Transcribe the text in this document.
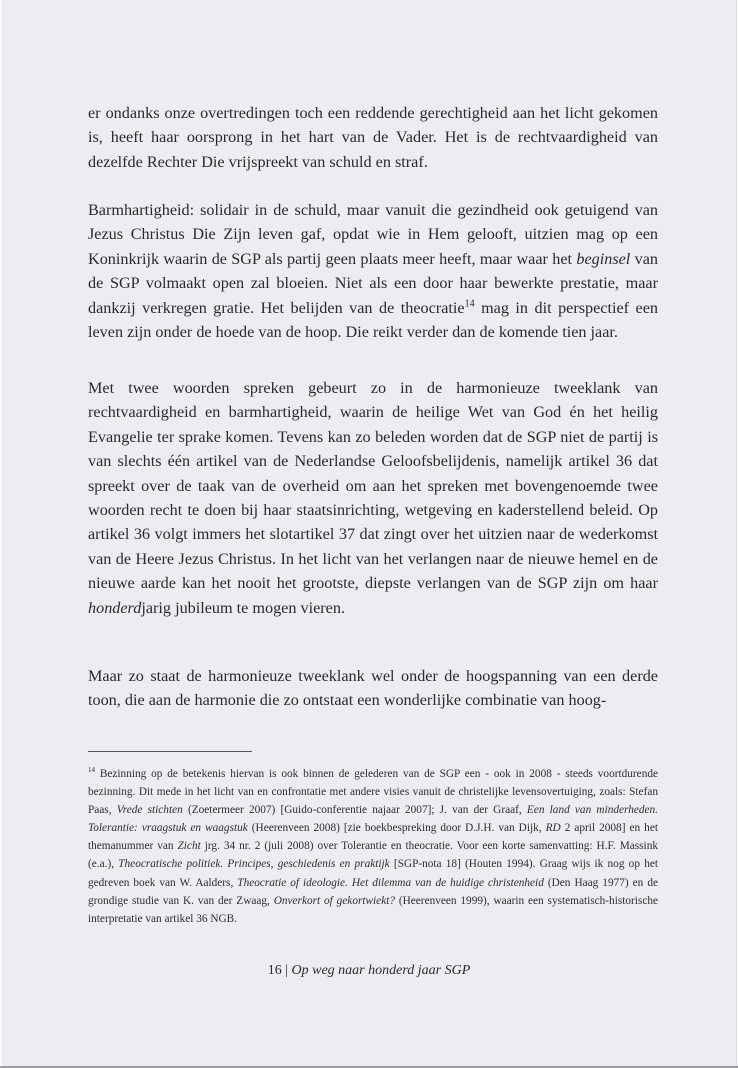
er ondanks onze overtredingen toch een reddende gerechtigheid aan het licht gekomen is, heeft haar oorsprong in het hart van de Vader. Het is de rechtvaardigheid van dezelfde Rechter Die vrijspreekt van schuld en straf.

Barmhartigheid: solidair in de schuld, maar vanuit die gezindheid ook getuigend van Jezus Christus Die Zijn leven gaf, opdat wie in Hem gelooft, uitzien mag op een Koninkrijk waarin de SGP als partij geen plaats meer heeft, maar waar het beginsel van de SGP volmaakt open zal bloeien. Niet als een door haar bewerkte prestatie, maar dankzij verkregen gratie. Het belijden van de theocratie$^{14}$ mag in dit perspectief een leven zijn onder de hoede van de hoop. Die reikt verder dan de komende tien jaar.

Met twee woorden spreken gebeurt zo in de harmonieuze tweeklank van rechtvaardigheid en barmhartigheid, waarin de heilige Wet van God én het heilig Evangelie ter sprake komen. Tevens kan zo beleden worden dat de SGP niet de partij is van slechts één artikel van de Nederlandse Geloofsbelijdenis, namelijk artikel 36 dat spreekt over de taak van de overheid om aan het spreken met bovengenoemde twee woorden recht te doen bij haar staatsinrichting, wetgeving en kaderstellend beleid. Op artikel 36 volgt immers het slotartikel 37 dat zingt over het uitzien naar de wederkomst van de Heere Jezus Christus. In het licht van het verlangen naar de nieuwe hemel en de nieuwe aarde kan het nooit het grootste, diepste verlangen van de SGP zijn om haar honderdjarig jubileum te mogen vieren.

Maar zo staat de harmonieuze tweeklank wel onder de hoogspanning van een derde toon, die aan de harmonie die zo ontstaat een wonderlijke combinatie van hoog-

$^{14}$ Bezinning op de betekenis hiervan is ook binnen de gelederen van de SGP een - ook in 2008 - steeds voortdurende bezinning. Dit mede in het licht van en confrontatie met andere visies vanuit de christelijke levensovertuiging, zoals: Stefan Paas, Vrede stichten (Zoetermeer 2007) [Guido-conferentie najaar 2007]; J. van der Graaf, Een land van minderheden. Tolerantie: vraagstuk en waagstuk (Heerenveen 2008) [zie boekbespreking door D.J.H. van Dijk, RD 2 april 2008] en het themanummer van Zicht jrg. 34 nr. 2 (juli 2008) over Tolerantie en theocratie. Voor een korte samenvatting: H.F. Massink (e.a.), Theocratische politiek. Principes, geschiedenis en praktijk [SGP-nota 18] (Houten 1994). Graag wijs ik nog op het gedreven boek van W. Aalders, Theocratie of ideologie. Het dilemma van de huidige christenheid (Den Haag 1977) en de grondige studie van K. van der Zwaag, Onverkort of gekortwiekt? (Heerenveen 1999), waarin een systematisch-historische interpretatie van artikel 36 NGB.

16 | Op weg naar honderd jaar SGP
